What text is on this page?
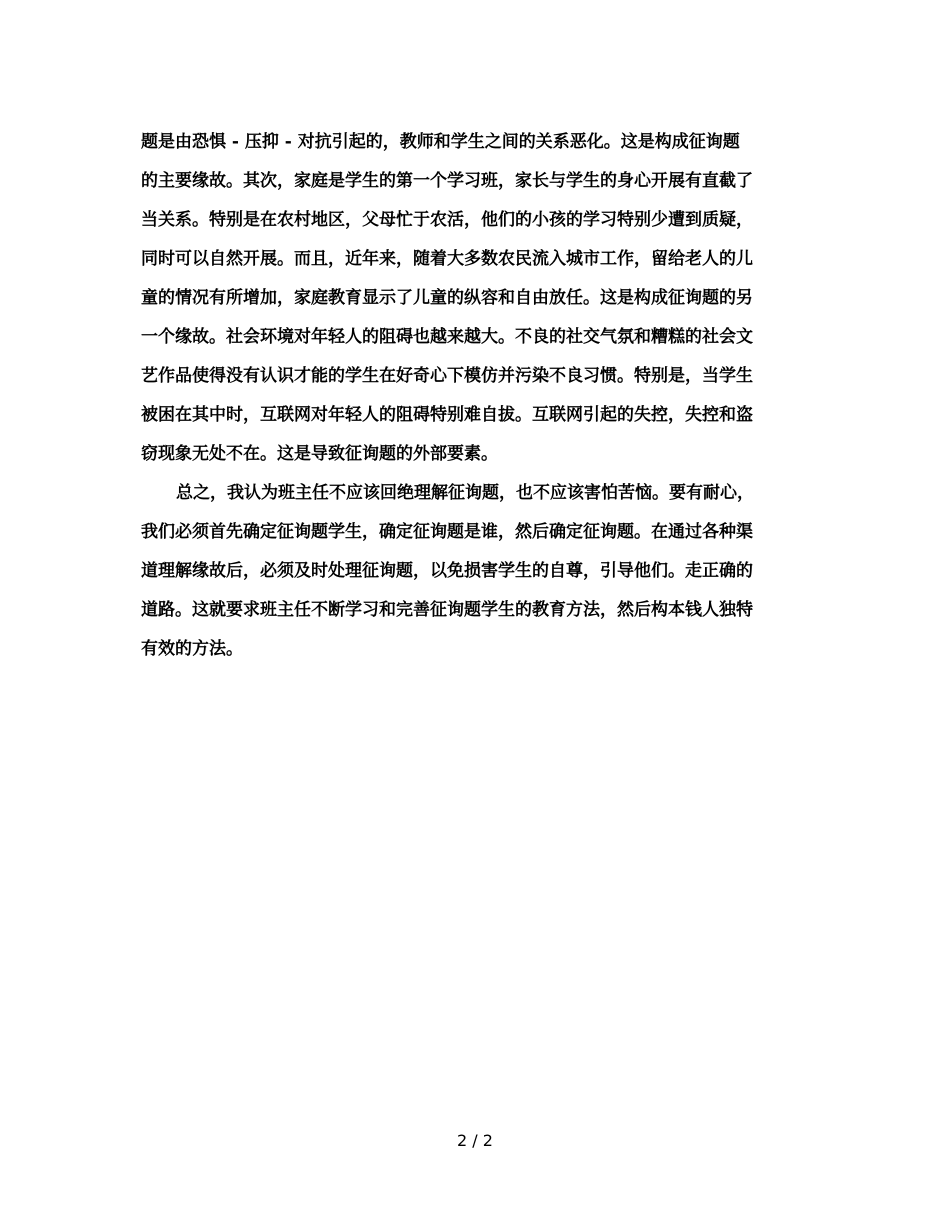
题是由恐惧 - 压抑 - 对抗引起的，教师和学生之间的关系恶化。这是构成征询题
的主要缘故。其次，家庭是学生的第一个学习班，家长与学生的身心开展有直截了
当关系。特别是在农村地区，父母忙于农活，他们的小孩的学习特别少遭到质疑，
同时可以自然开展。而且，近年来，随着大多数农民流入城市工作，留给老人的儿
童的情况有所增加，家庭教育显示了儿童的纵容和自由放任。这是构成征询题的另
一个缘故。社会环境对年轻人的阻碍也越来越大。不良的社交气氛和糟糕的社会文
艺作品使得没有认识才能的学生在好奇心下模仿并污染不良习惯。特别是，当学生
被困在其中时，互联网对年轻人的阻碍特别难自拔。互联网引起的失控，失控和盗
窃现象无处不在。这是导致征询题的外部要素。
总之，我认为班主任不应该回绝理解征询题，也不应该害怕苦恼。要有耐心，
我们必须首先确定征询题学生，确定征询题是谁，然后确定征询题。在通过各种渠
道理解缘故后，必须及时处理征询题，以免损害学生的自尊，引导他们。走正确的
道路。这就要求班主任不断学习和完善征询题学生的教育方法，然后构本钱人独特
有效的方法。
2 / 2
